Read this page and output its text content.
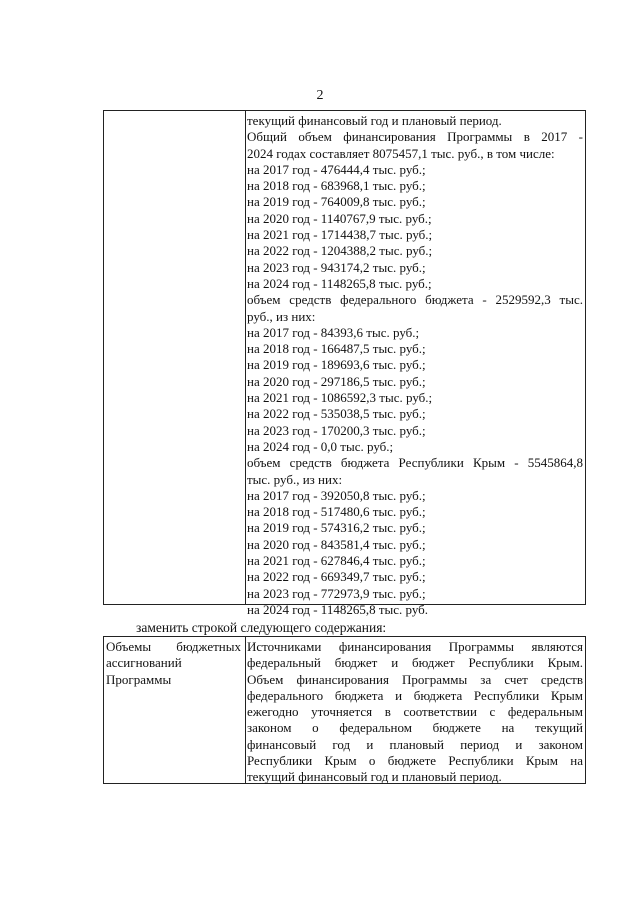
2
текущий финансовый год и плановый период.
Общий объем финансирования Программы в 2017 -
2024 годах составляет 8075457,1 тыс. руб., в том числе:
на 2017 год - 476444,4 тыс. руб.;
на 2018 год - 683968,1 тыс. руб.;
на 2019 год - 764009,8 тыс. руб.;
на 2020 год - 1140767,9 тыс. руб.;
на 2021 год - 1714438,7 тыс. руб.;
на 2022 год - 1204388,2 тыс. руб.;
на 2023 год - 943174,2 тыс. руб.;
на 2024 год - 1148265,8 тыс. руб.;
объем средств федерального бюджета - 2529592,3 тыс.
руб., из них:
на 2017 год - 84393,6 тыс. руб.;
на 2018 год - 166487,5 тыс. руб.;
на 2019 год - 189693,6 тыс. руб.;
на 2020 год - 297186,5 тыс. руб.;
на 2021 год - 1086592,3 тыс. руб.;
на 2022 год - 535038,5 тыс. руб.;
на 2023 год - 170200,3 тыс. руб.;
на 2024 год - 0,0 тыс. руб.;
объем средств бюджета Республики Крым - 5545864,8
тыс. руб., из них:
на 2017 год - 392050,8 тыс. руб.;
на 2018 год - 517480,6 тыс. руб.;
на 2019 год - 574316,2 тыс. руб.;
на 2020 год - 843581,4 тыс. руб.;
на 2021 год - 627846,4 тыс. руб.;
на 2022 год - 669349,7 тыс. руб.;
на 2023 год - 772973,9 тыс. руб.;
на 2024 год - 1148265,8 тыс. руб.
заменить строкой следующего содержания:
Объемы бюджетных
ассигнований
Программы
Источниками финансирования Программы являются
федеральный бюджет и бюджет Республики Крым.
Объем финансирования Программы за счет средств
федерального бюджета и бюджета Республики Крым
ежегодно уточняется в соответствии с федеральным
законом о федеральном бюджете на текущий
финансовый год и плановый период и законом
Республики Крым о бюджете Республики Крым на
текущий финансовый год и плановый период.
